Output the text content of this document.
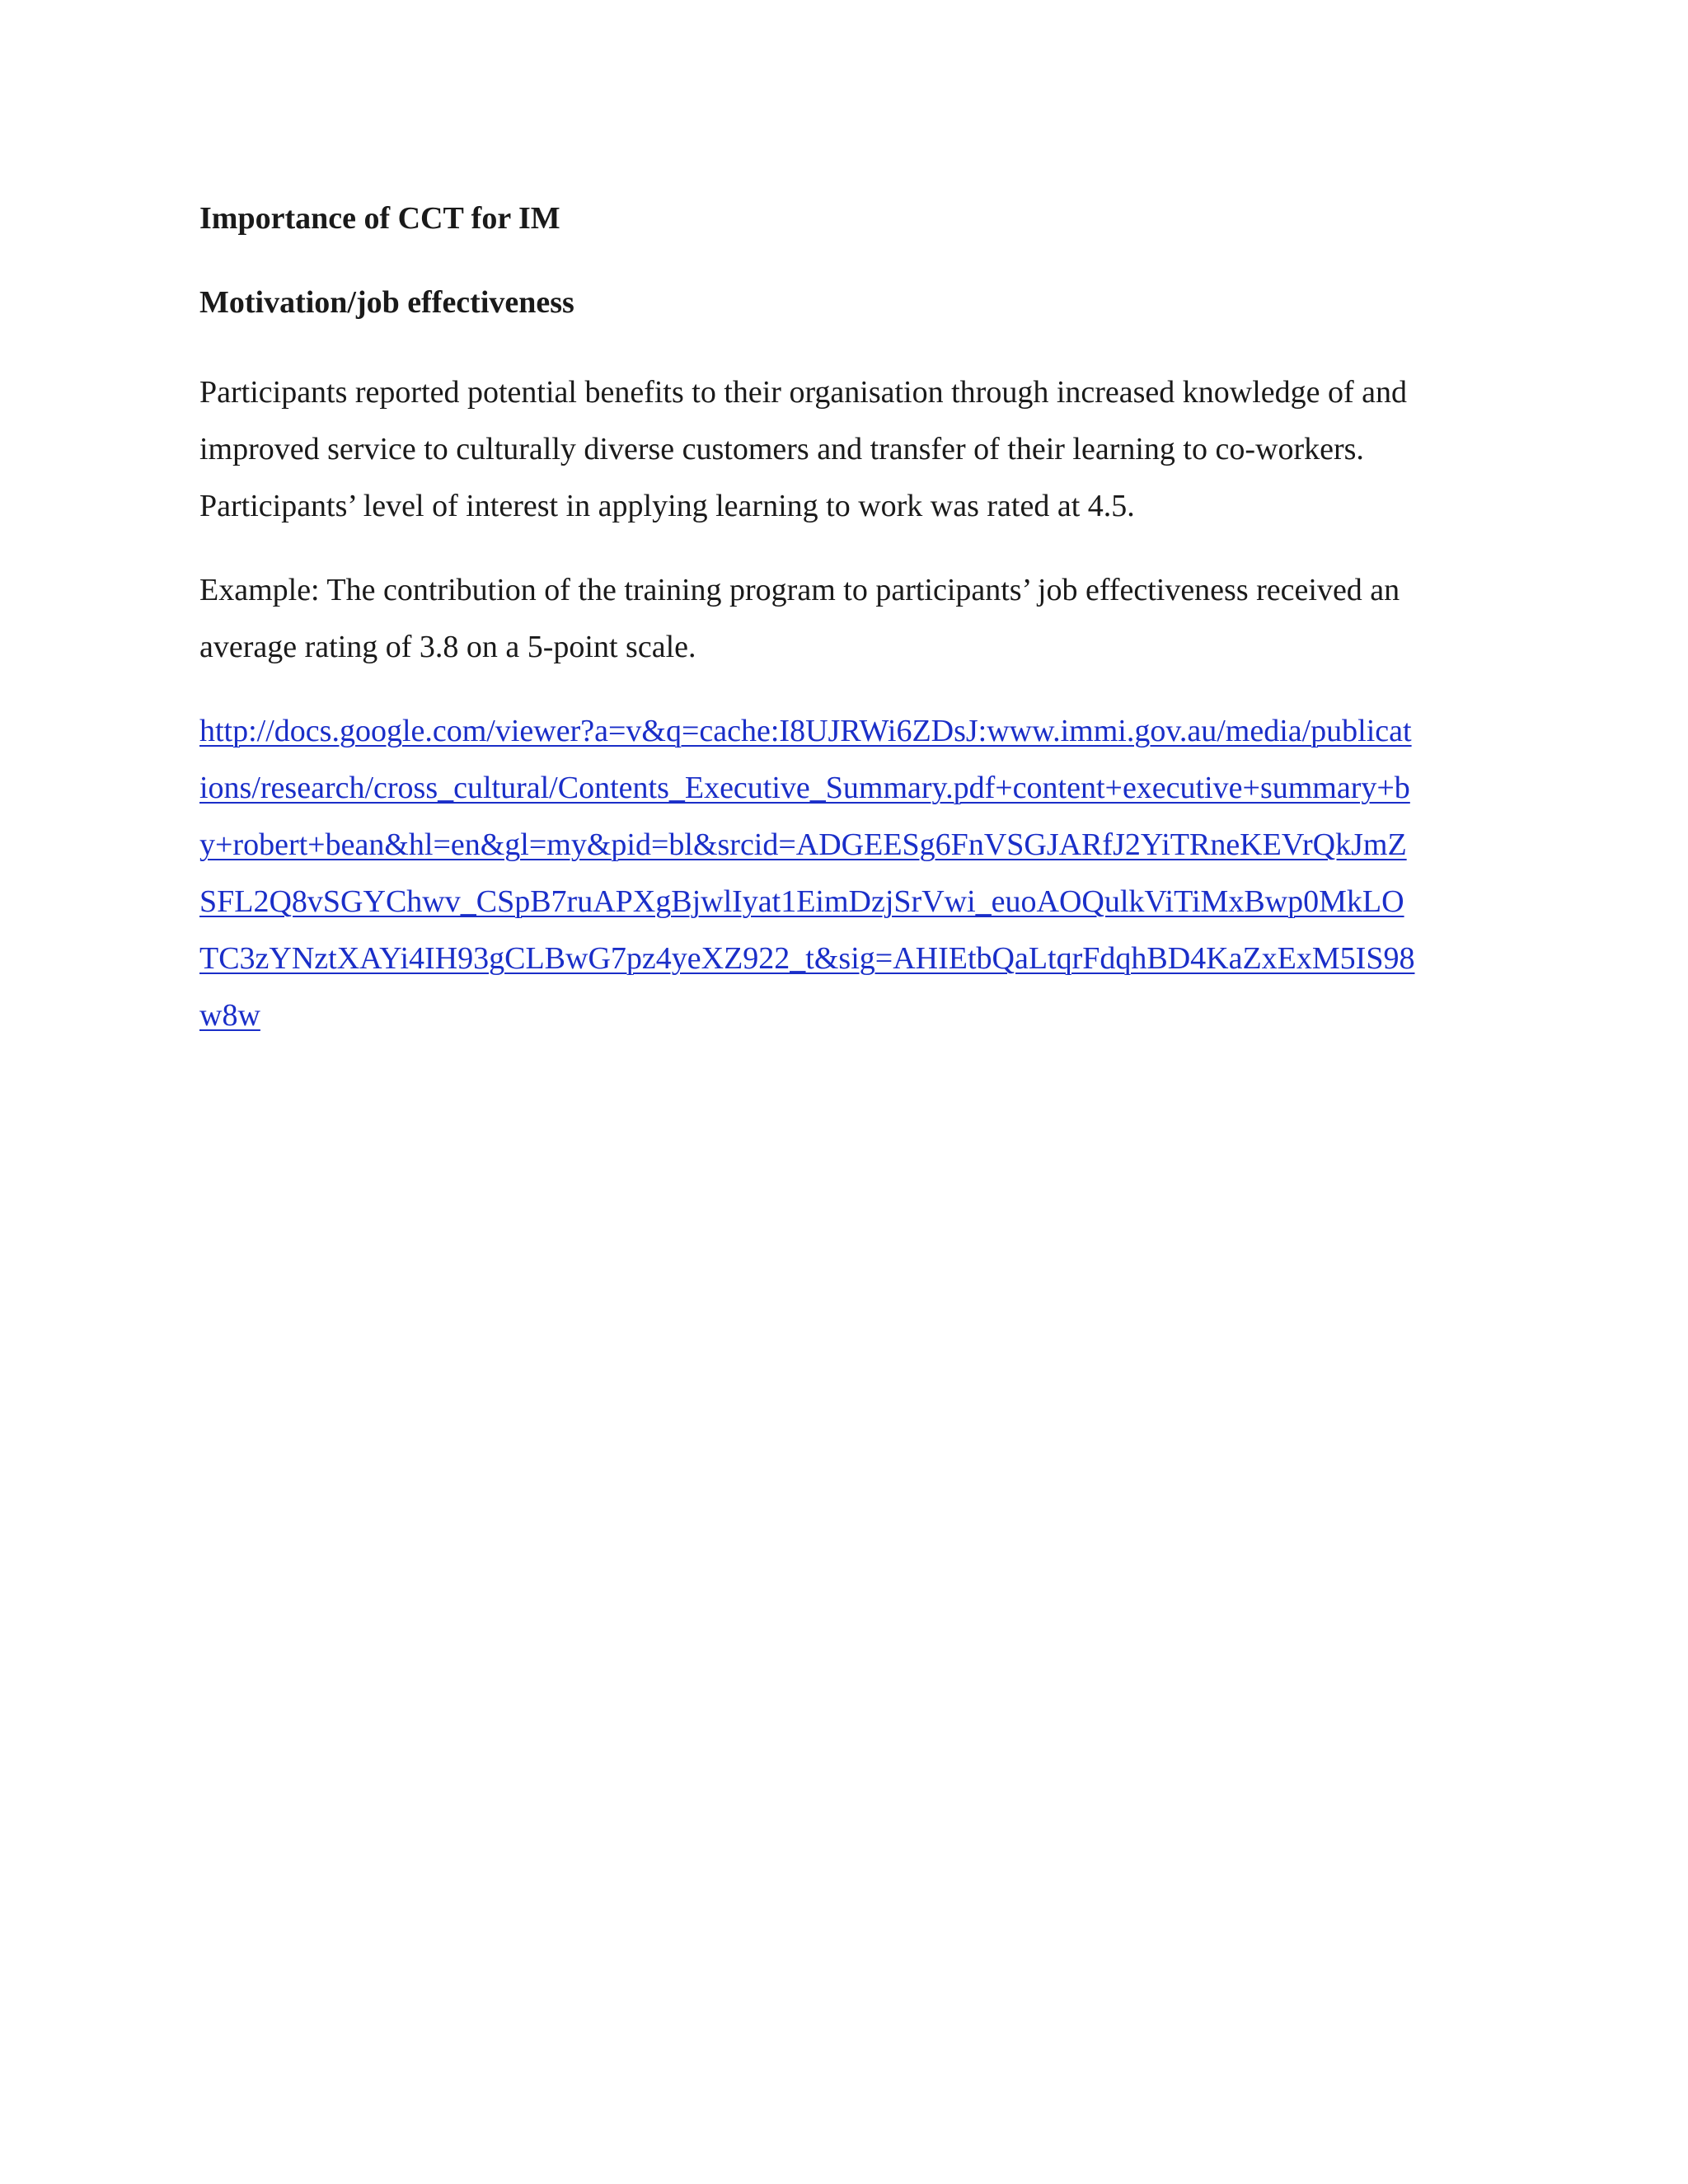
Importance of CCT for IM
Motivation/job effectiveness

Participants reported potential benefits to their organisation through increased knowledge of and
improved service to culturally diverse customers and transfer of their learning to co-workers.
Participants’ level of interest in applying learning to work was rated at 4.5.

Example: The contribution of the training program to participants’ job effectiveness received an
average rating of 3.8 on a 5-point scale.

http://docs.google.com/viewer?a=v&q=cache:I8UJRWi6ZDsJ:www.immi.gov.au/media/publicat
ions/research/cross_cultural/Contents_Executive_Summary.pdf+content+executive+summary+b
y+robert+bean&hl=en&gl=my&pid=bl&srcid=ADGEESg6FnVSGJARfJ2YiTRneKEVrQkJmZ
SFL2Q8vSGYChwv_CSpB7ruAPXgBjwlIyat1EimDzjSrVwi_euoAOQulkViTiMxBwp0MkLO
TC3zYNztXAYi4IH93gCLBwG7pz4yeXZ922_t&sig=AHIEtbQaLtqrFdqhBD4KaZxExM5IS98
w8w
